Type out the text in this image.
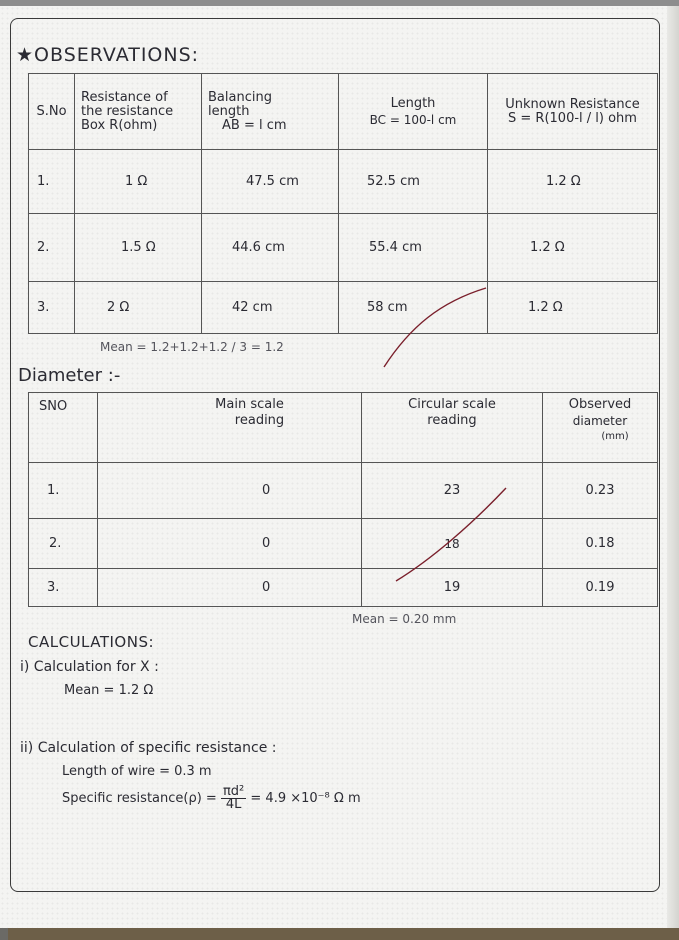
★OBSERVATIONS:
S.No	
Resistance of
the resistance
Box R(ohm)

Balancing
length
AB = l cm

Length
BC = 100-l cm

Unknown Resistance
S = R(100-l / l) ohm

1.	1 Ω	47.5 cm	52.5 cm	1.2 Ω
2.	1.5 Ω	44.6 cm	55.4 cm	1.2 Ω
3.	2 Ω	42 cm	58 cm	1.2 Ω
Mean = 1.2+1.2+1.2 / 3 = 1.2
Diameter :-
SNO	Main scale
reading

Circular scale
reading

Observed
diameter
(mm)

1.	0	23	0.23
2.	0	18	0.18
3.	0	19	0.19
Mean = 0.20 mm
CALCULATIONS:
i) Calculation for X :
Mean = 1.2 Ω
ii) Calculation of specific resistance :
Length of wire = 0.3 m
Specific resistance(ρ) = $\frac{\text{πd²}}{4L} = 4.9 \times 10^{-8}$ Ω m
